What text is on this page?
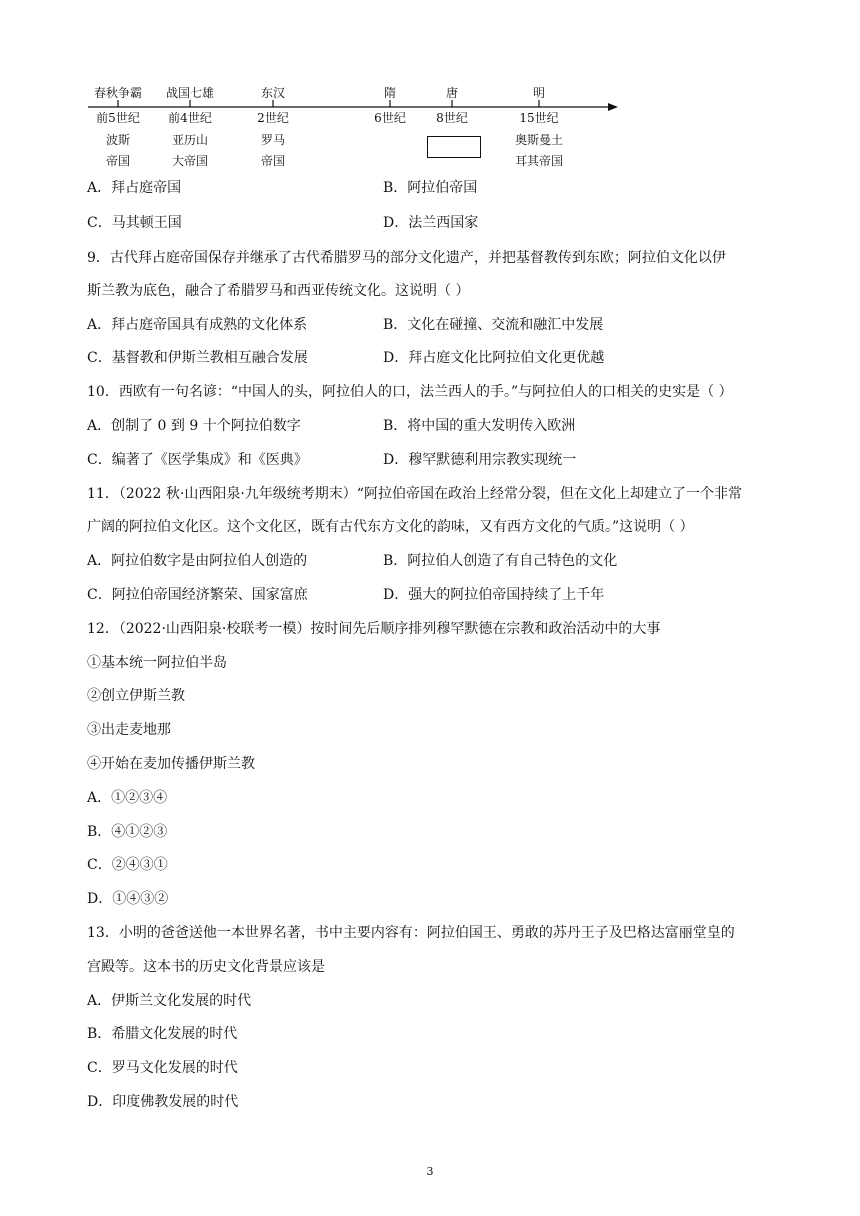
春秋争霸 战国七雄	东汉	隋	唐	明
前5世纪 前4世纪	2世纪	6世纪	8世纪	15世纪
波斯
帝国
亚历山
大帝国
罗马
帝国
奥斯曼土
耳其帝国
A．拜占庭帝国	B．阿拉伯帝国
C．马其顿王国	D．法兰西国家
9．古代拜占庭帝国保存并继承了古代希腊罗马的部分文化遗产，并把基督教传到东欧；阿拉伯文化以伊
斯兰教为底色，融合了希腊罗马和西亚传统文化。这说明（ ）
A．拜占庭帝国具有成熟的文化体系	B．文化在碰撞、交流和融汇中发展
C．基督教和伊斯兰教相互融合发展	D．拜占庭文化比阿拉伯文化更优越
10．西欧有一句名谚：“中国人的头，阿拉伯人的口，法兰西人的手。”与阿拉伯人的口相关的史实是（ ）
A．创制了 0 到 9 十个阿拉伯数字	B．将中国的重大发明传入欧洲
C．编著了《医学集成》和《医典》	D．穆罕默德利用宗教实现统一
11．（2022 秋·山西阳泉·九年级统考期末）“阿拉伯帝国在政治上经常分裂，但在文化上却建立了一个非常
广阔的阿拉伯文化区。这个文化区，既有古代东方文化的韵味，又有西方文化的气质。”这说明（ ）
A．阿拉伯数字是由阿拉伯人创造的	B．阿拉伯人创造了有自己特色的文化
C．阿拉伯帝国经济繁荣、国家富庶	D．强大的阿拉伯帝国持续了上千年
12．（2022·山西阳泉·校联考一模）按时间先后顺序排列穆罕默德在宗教和政治活动中的大事
①基本统一阿拉伯半岛
②创立伊斯兰教
③出走麦地那
④开始在麦加传播伊斯兰教
A．①②③④
B．④①②③
C．②④③①
D．①④③②
13．小明的爸爸送他一本世界名著，书中主要内容有：阿拉伯国王、勇敢的苏丹王子及巴格达富丽堂皇的
宫殿等。这本书的历史文化背景应该是
A．伊斯兰文化发展的时代
B．希腊文化发展的时代
C．罗马文化发展的时代
D．印度佛教发展的时代
3
